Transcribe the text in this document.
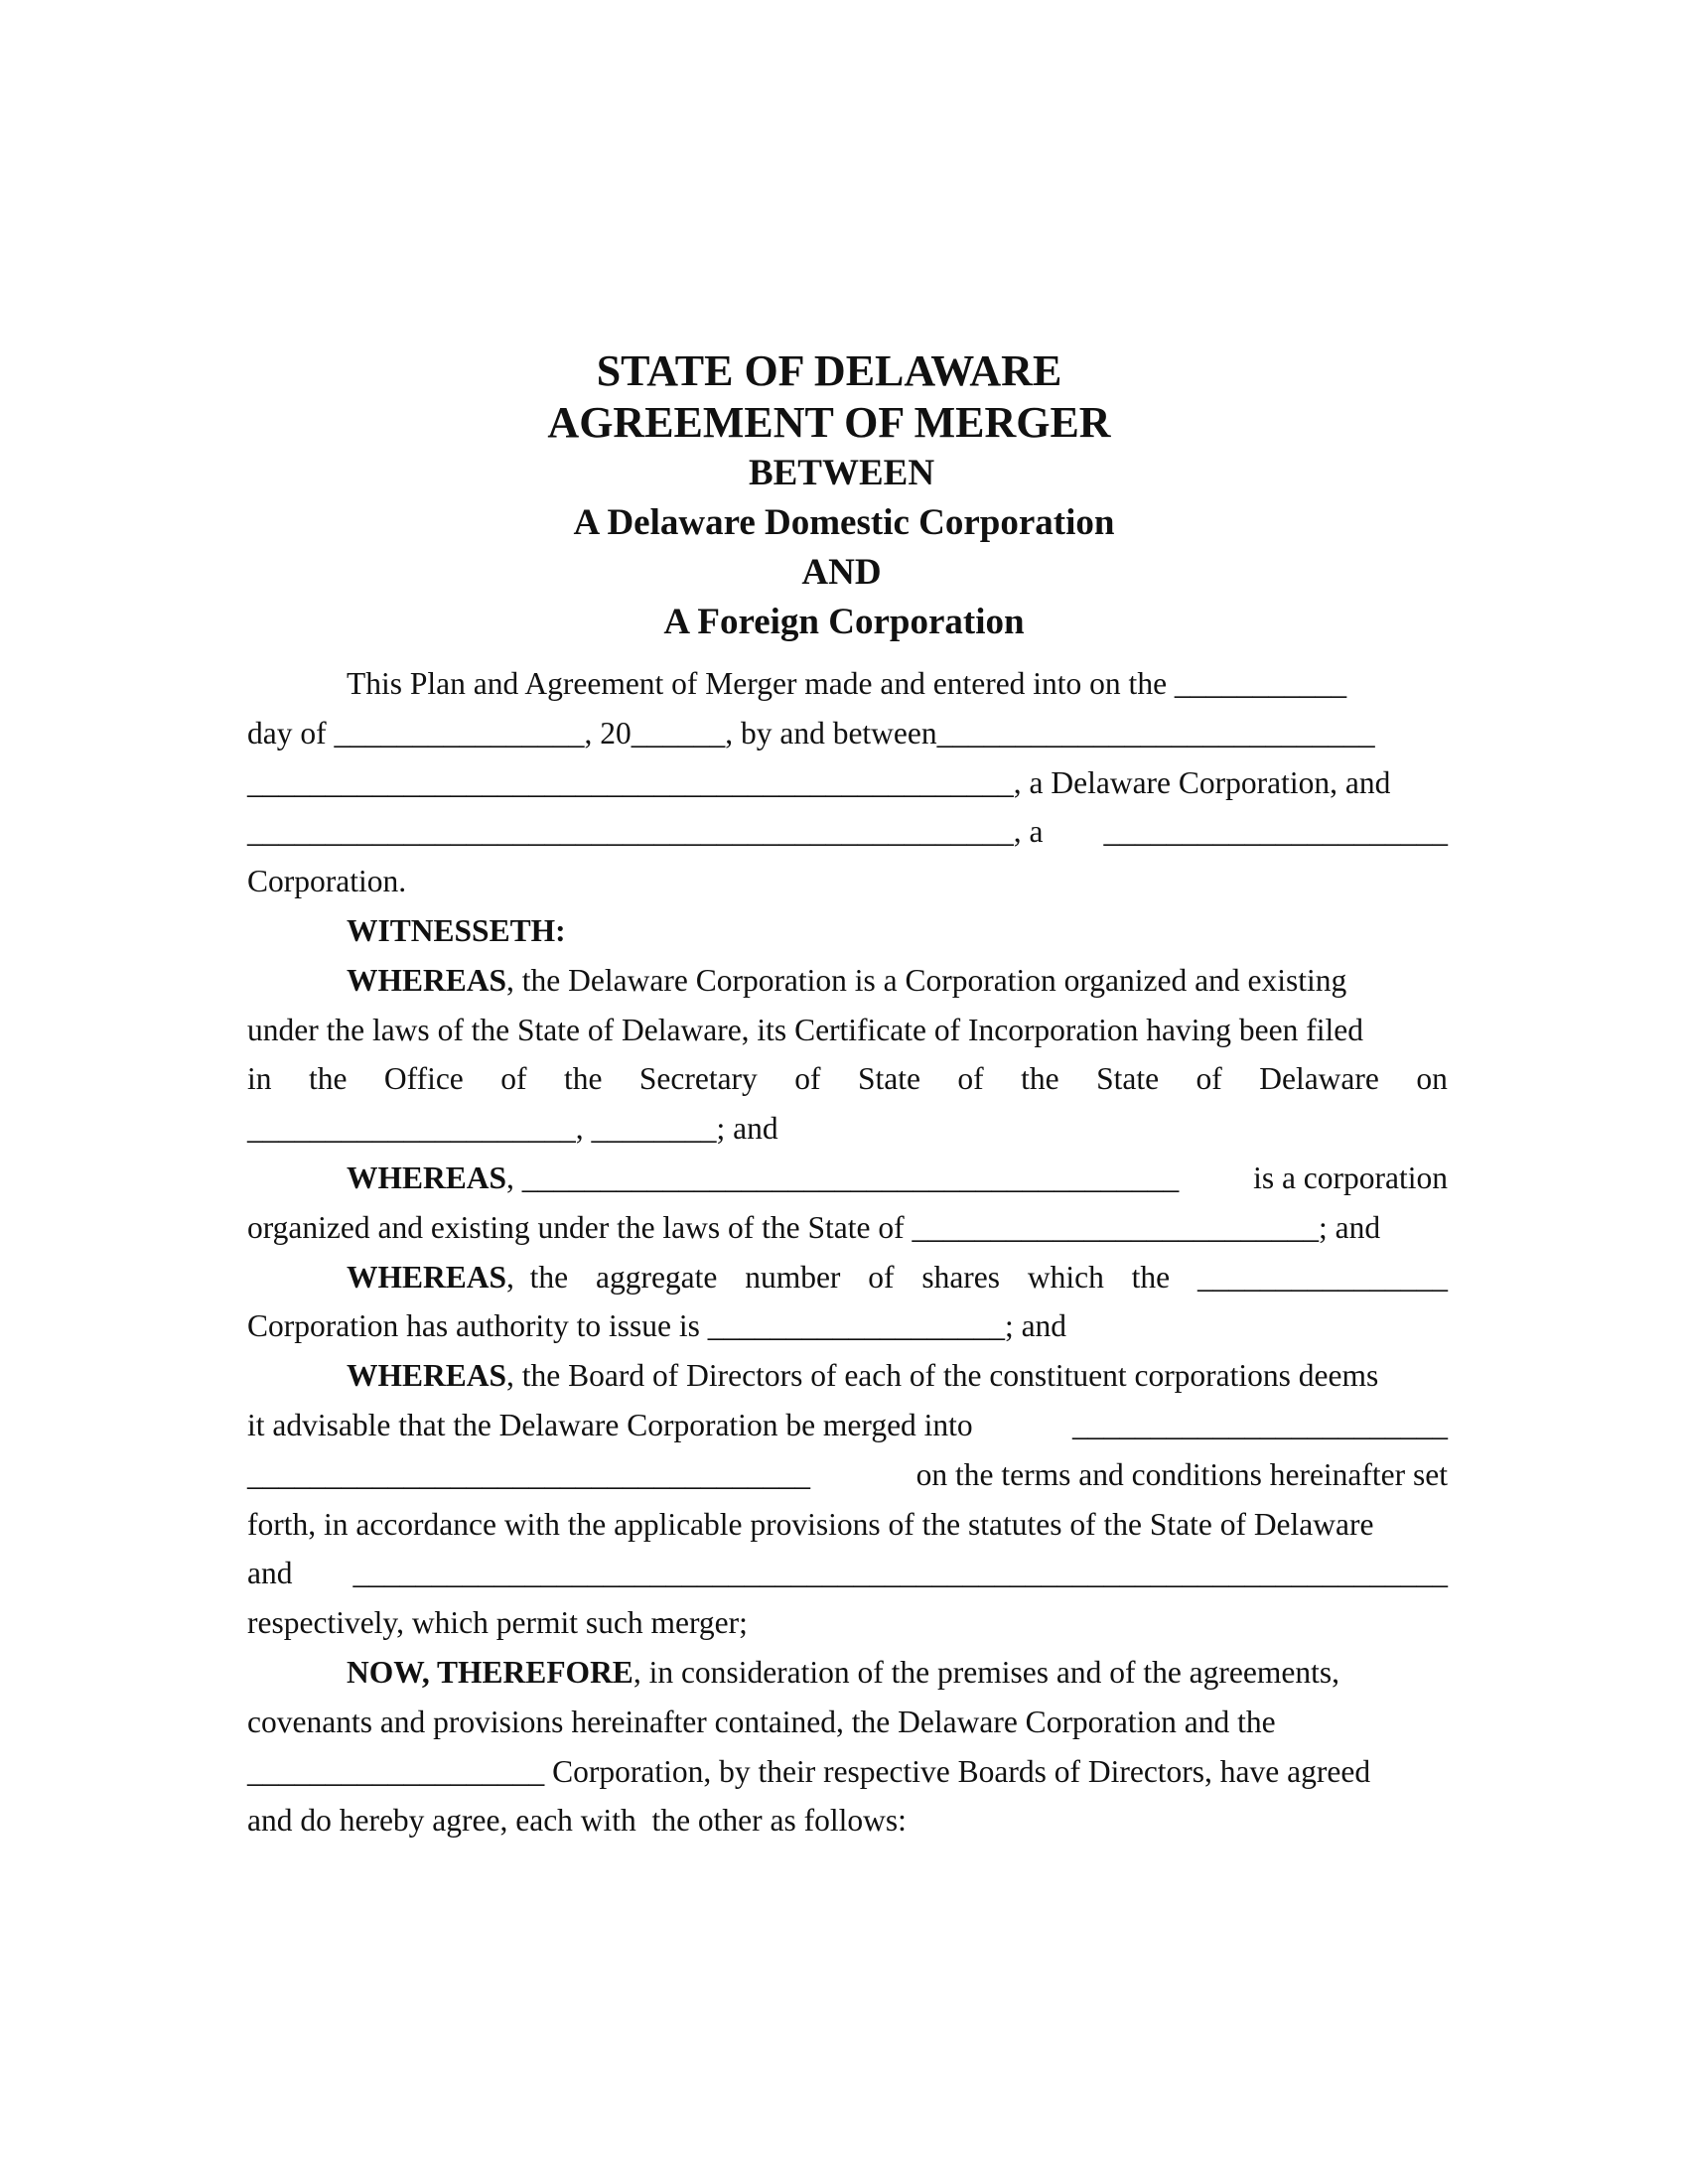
STATE OF DELAWARE
AGREEMENT OF MERGER
BETWEEN
A Delaware Domestic Corporation
AND
A Foreign Corporation
This Plan and Agreement of Merger made and entered into on the ___________
day of ________________, 20______, by and between____________________________
_________________________________________________, a Delaware Corporation, and
_________________________________________________, a ______________________
Corporation.
WITNESSETH:
WHEREAS, the Delaware Corporation is a Corporation organized and existing
under the laws of the State of Delaware, its Certificate of Incorporation having been filed
in the Office of the Secretary of State of the State of Delaware on
_____________________, ________; and
WHEREAS, __________________________________________ is a corporation
organized and existing under the laws of the State of __________________________; and
WHEREAS,  the aggregate number of shares which the ________________
Corporation has authority to issue is ___________________; and
WHEREAS, the Board of Directors of each of the constituent corporations deems
it advisable that the Delaware Corporation be merged into	________________________
____________________________________	on the terms and conditions hereinafter set
forth, in accordance with the applicable provisions of the statutes of the State of Delaware
and ______________________________________________________________________
respectively, which permit such merger;
NOW, THEREFORE, in consideration of the premises and of the agreements,
covenants and provisions hereinafter contained, the Delaware Corporation and the
___________________ Corporation, by their respective Boards of Directors, have agreed
and do hereby agree, each with  the other as follows:
